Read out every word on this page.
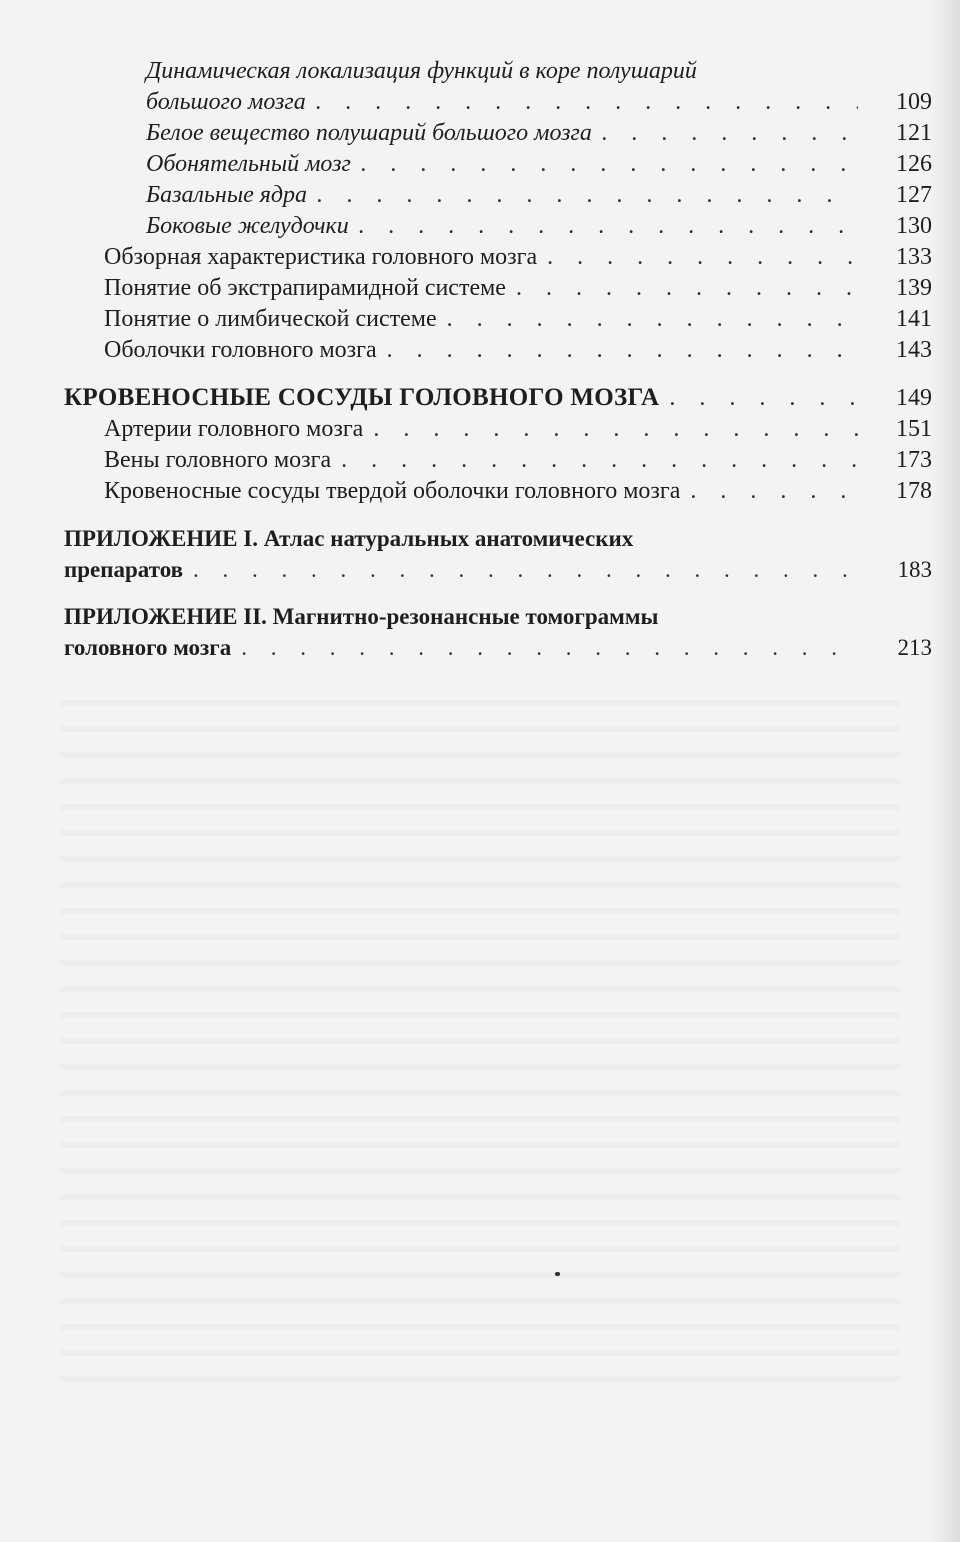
Динамическая локализация функций в коре полушарий
большого мозга . . .	109
Белое вещество полушарий большого мозга . . .	121
Обонятельный мозг . . .	126
Базальные ядра . . .	127
Боковые желудочки . . .	130
Обзорная характеристика головного мозга . . .	133
Понятие об экстрапирамидной системе . . .	139
Понятие о лимбической системе . . .	141
Оболочки головного мозга . . .	143
КРОВЕНОСНЫЕ СОСУДЫ ГОЛОВНОГО МОЗГА . . .	149
Артерии головного мозга . . .	151
Вены головного мозга . . .	173
Кровеносные сосуды твердой оболочки головного мозга . . .	178
ПРИЛОЖЕНИЕ I. Атлас натуральных анатомических
препаратов . . .	183
ПРИЛОЖЕНИЕ II. Магнитно-резонансные томограммы
головного мозга . . .	213
